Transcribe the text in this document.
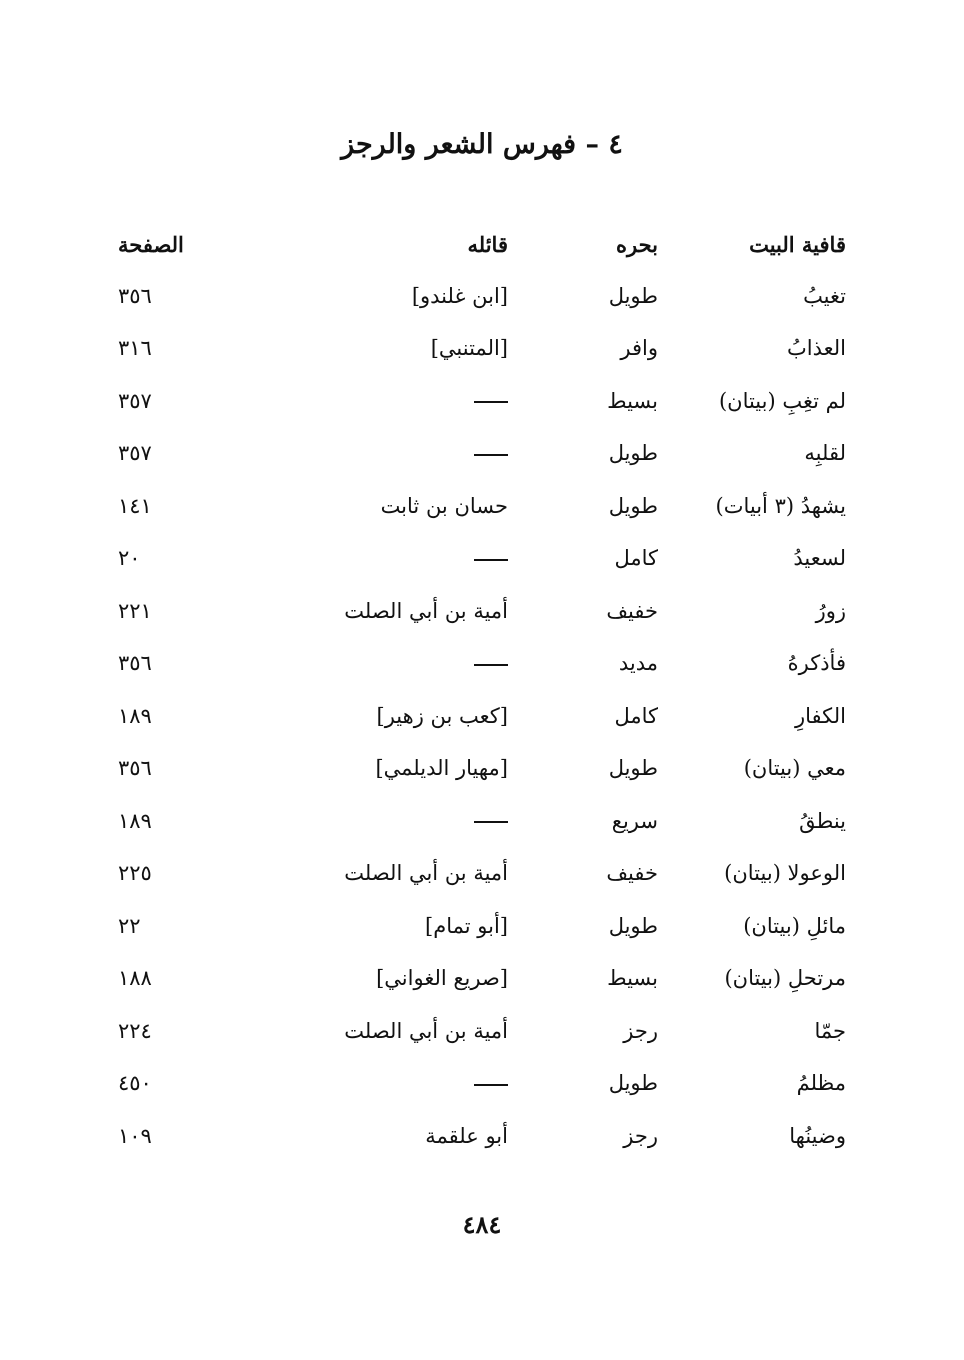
٤ – فهرس الشعر والرجز
قافية البيت	بحره	قائله	الصفحة
تغيبُ	طويل	[ابن غلندو]	٣٥٦
العذابُ	وافر	[المتنبي]	٣١٦
لم تغِبِ (بيتان)	بسيط		٣٥٧
لقلبِه	طويل		٣٥٧
يشهدُ (٣ أبيات)	طويل	حسان بن ثابت	١٤١
لسعيدُ	كامل		٢٠
زورُ	خفيف	أمية بن أبي الصلت	٢٢١
فأذكرهُ	مديد		٣٥٦
الكفارِ	كامل	[كعب بن زهير]	١٨٩
معي (بيتان)	طويل	[مهيار الديلمي]	٣٥٦
ينطقُ	سريع		١٨٩
الوعولا (بيتان)	خفيف	أمية بن أبي الصلت	٢٢٥
مائلِ (بيتان)	طويل	[أبو تمام]	٢٢
مرتحلِ (بيتان)	بسيط	[صريع الغواني]	١٨٨
جمّا	رجز	أمية بن أبي الصلت	٢٢٤
مظلمُ	طويل		٤٥٠
وضينُها	رجز	أبو علقمة	١٠٩
٤٨٤
